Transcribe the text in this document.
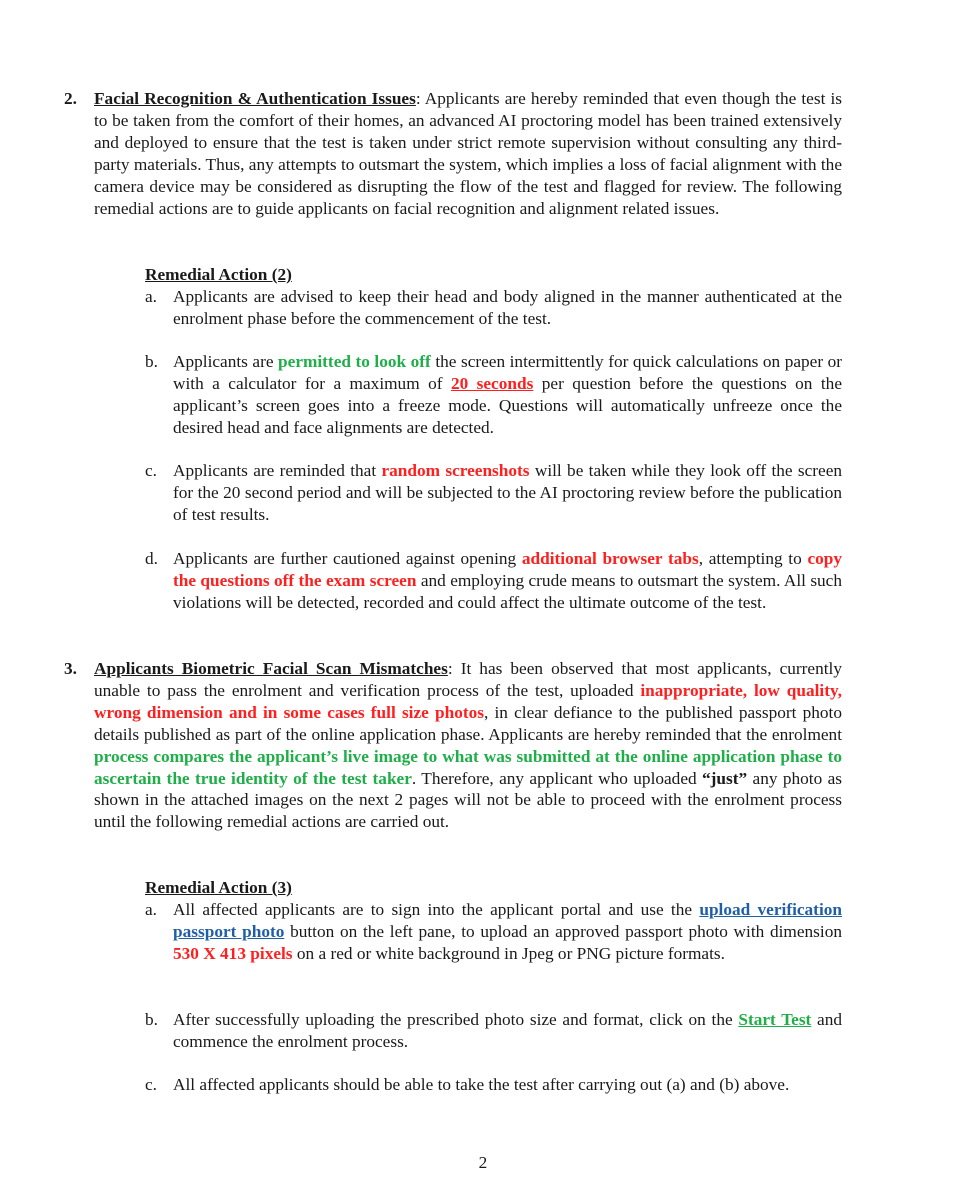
2. Facial Recognition & Authentication Issues: Applicants are hereby reminded that even though the test is to be taken from the comfort of their homes, an advanced AI proctoring model has been trained extensively and deployed to ensure that the test is taken under strict remote supervision without consulting any third-party materials. Thus, any attempts to outsmart the system, which implies a loss of facial alignment with the camera device may be considered as disrupting the flow of the test and flagged for review. The following remedial actions are to guide applicants on facial recognition and alignment related issues.
Remedial Action (2)
a. Applicants are advised to keep their head and body aligned in the manner authenticated at the enrolment phase before the commencement of the test.
b. Applicants are permitted to look off the screen intermittently for quick calculations on paper or with a calculator for a maximum of 20 seconds per question before the questions on the applicant’s screen goes into a freeze mode. Questions will automatically unfreeze once the desired head and face alignments are detected.
c. Applicants are reminded that random screenshots will be taken while they look off the screen for the 20 second period and will be subjected to the AI proctoring review before the publication of test results.
d. Applicants are further cautioned against opening additional browser tabs, attempting to copy the questions off the exam screen and employing crude means to outsmart the system. All such violations will be detected, recorded and could affect the ultimate outcome of the test.
3. Applicants Biometric Facial Scan Mismatches: It has been observed that most applicants, currently unable to pass the enrolment and verification process of the test, uploaded inappropriate, low quality, wrong dimension and in some cases full size photos, in clear defiance to the published passport photo details published as part of the online application phase. Applicants are hereby reminded that the enrolment process compares the applicant’s live image to what was submitted at the online application phase to ascertain the true identity of the test taker. Therefore, any applicant who uploaded “just” any photo as shown in the attached images on the next 2 pages will not be able to proceed with the enrolment process until the following remedial actions are carried out.
Remedial Action (3)
a. All affected applicants are to sign into the applicant portal and use the upload verification passport photo button on the left pane, to upload an approved passport photo with dimension 530 X 413 pixels on a red or white background in Jpeg or PNG picture formats.
b. After successfully uploading the prescribed photo size and format, click on the Start Test and commence the enrolment process.
c. All affected applicants should be able to take the test after carrying out (a) and (b) above.
2
